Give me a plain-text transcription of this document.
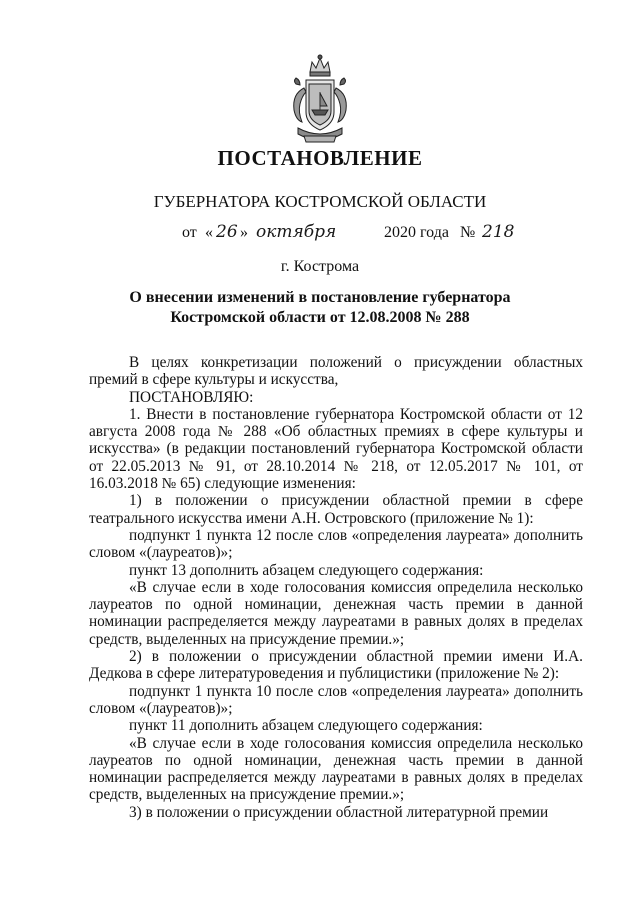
ПОСТАНОВЛЕНИЕ
ГУБЕРНАТОРА КОСТРОМСКОЙ ОБЛАСТИ
от « 26 » октября	2020 года № 218
г. Кострома
О внесении изменений в постановление губернатора
Костромской области от 12.08.2008 № 288

В целях конкретизации положений о присуждении областных премий в сфере культуры и искусства,

ПОСТАНОВЛЯЮ:

1. Внести в постановление губернатора Костромской области от 12 августа 2008 года № 288 «Об областных премиях в сфере культуры и искусства» (в редакции постановлений губернатора Костромской области от 22.05.2013 № 91, от 28.10.2014 № 218, от 12.05.2017 № 101, от 16.03.2018 № 65) следующие изменения:

1) в положении о присуждении областной премии в сфере театрального искусства имени А.Н. Островского (приложение № 1):

подпункт 1 пункта 12 после слов «определения лауреата» дополнить словом «(лауреатов)»;

пункт 13 дополнить абзацем следующего содержания:

«В случае если в ходе голосования комиссия определила несколько лауреатов по одной номинации, денежная часть премии в данной номинации распределяется между лауреатами в равных долях в пределах средств, выделенных на присуждение премии.»;

2) в положении о присуждении областной премии имени И.А. Дедкова в сфере литературоведения и публицистики (приложение № 2):

подпункт 1 пункта 10 после слов «определения лауреата» дополнить словом «(лауреатов)»;

пункт 11 дополнить абзацем следующего содержания:

«В случае если в ходе голосования комиссия определила несколько лауреатов по одной номинации, денежная часть премии в данной номинации распределяется между лауреатами в равных долях в пределах средств, выделенных на присуждение премии.»;

3) в положении о присуждении областной литературной премии
